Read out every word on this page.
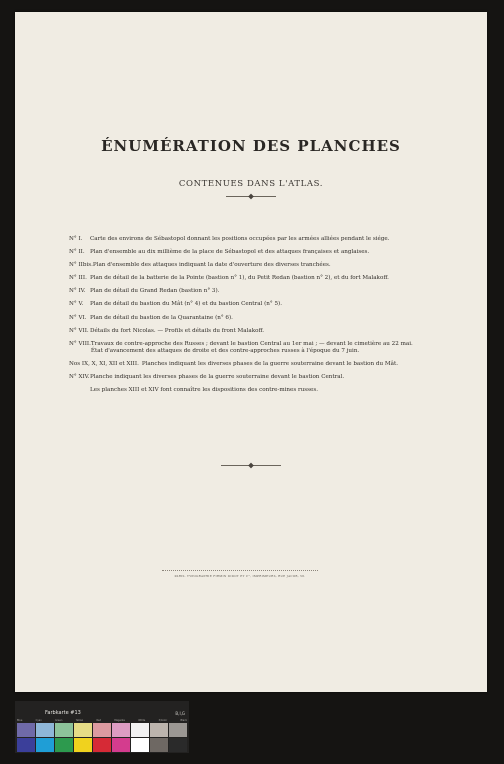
ÉNUMÉRATION DES PLANCHES
CONTENUES DANS L'ATLAS.
N° I.	Carte des environs de Sébastopol donnant les positions occupées par les armées alliées pendant le siége.
N° II. Plan d'ensemble au dix millième de la place de Sébastopol et des attaques françaises et anglaises.
N° IIbis. Plan d'ensemble des attaques indiquant la date d'ouverture des diverses tranchées.
N° III. Plan de détail de la batterie de la Pointe (bastion n° 1), du Petit Redan (bastion n° 2), et du fort Malakoff.
N° IV. Plan de détail du Grand Redan (bastion n° 3).
N° V.	Plan de détail du bastion du Mât (n° 4) et du bastion Central (n° 5).
N° VI. Plan de détail du bastion de la Quarantaine (n° 6).
N° VII. Détails du fort Nicolas. — Profils et détails du front Malakoff.
N° VIII. Travaux de contre-approche des Russes ; devant le bastion Central au 1er mai ; — devant le cimetière au 22 mai. État d'avancement des attaques de droite et des contre-approches russes à l'époque du 7 juin.
Nos IX, X, XI, XII et XIII. Planches indiquant les diverses phases de la guerre souterraine devant le bastion du Mât.
N° XIV. Planche indiquant les diverses phases de la guerre souterraine devant le bastion Central.
Les planches XIII et XIV font connaître les dispositions des contre-mines russes.
PARIS. TYPOGRAPHIE FIRMIN DIDOT ET C°, IMPRIMEURS, RUE JACOB, 56.
Farbkarte #13	B,I,G
Blue	Cyan	Green	Yellow	Red	Magenta	White	3/Color	Black
